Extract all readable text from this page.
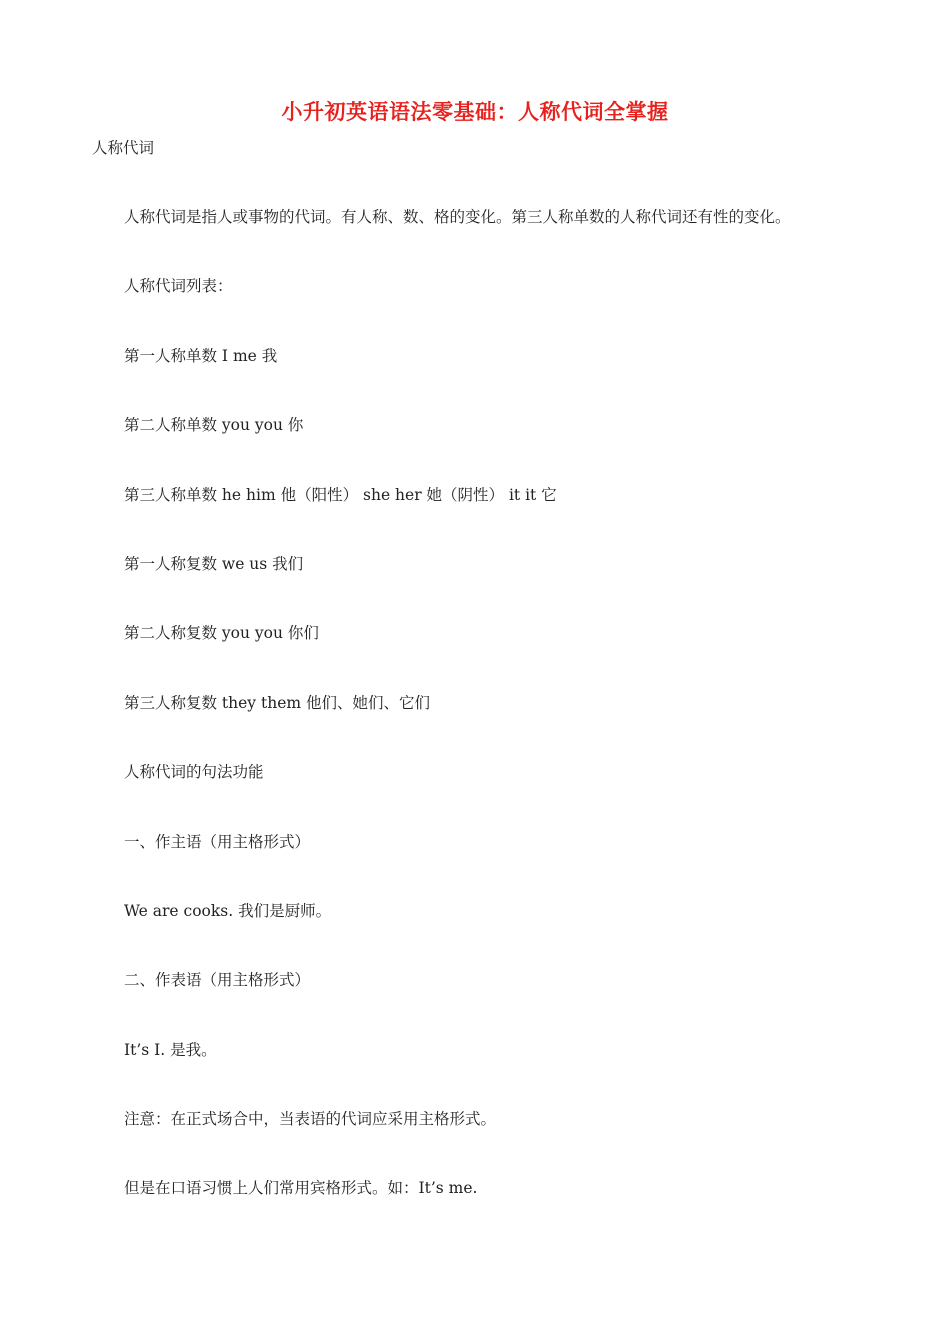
小升初英语语法零基础：人称代词全掌握
人称代词
人称代词是指人或事物的代词。有人称、数、格的变化。第三人称单数的人称代词还有性的变化。
人称代词列表：
第一人称单数 I me 我
第二人称单数 you you 你
第三人称单数 he him 他（阳性） she her 她（阴性） it it 它
第一人称复数 we us 我们
第二人称复数 you you 你们
第三人称复数 they them 他们、她们、它们
人称代词的句法功能
一、作主语（用主格形式）
We are cooks. 我们是厨师。
二、作表语（用主格形式）
It’s I. 是我。
注意：在正式场合中，当表语的代词应采用主格形式。
但是在口语习惯上人们常用宾格形式。如：It’s me.
